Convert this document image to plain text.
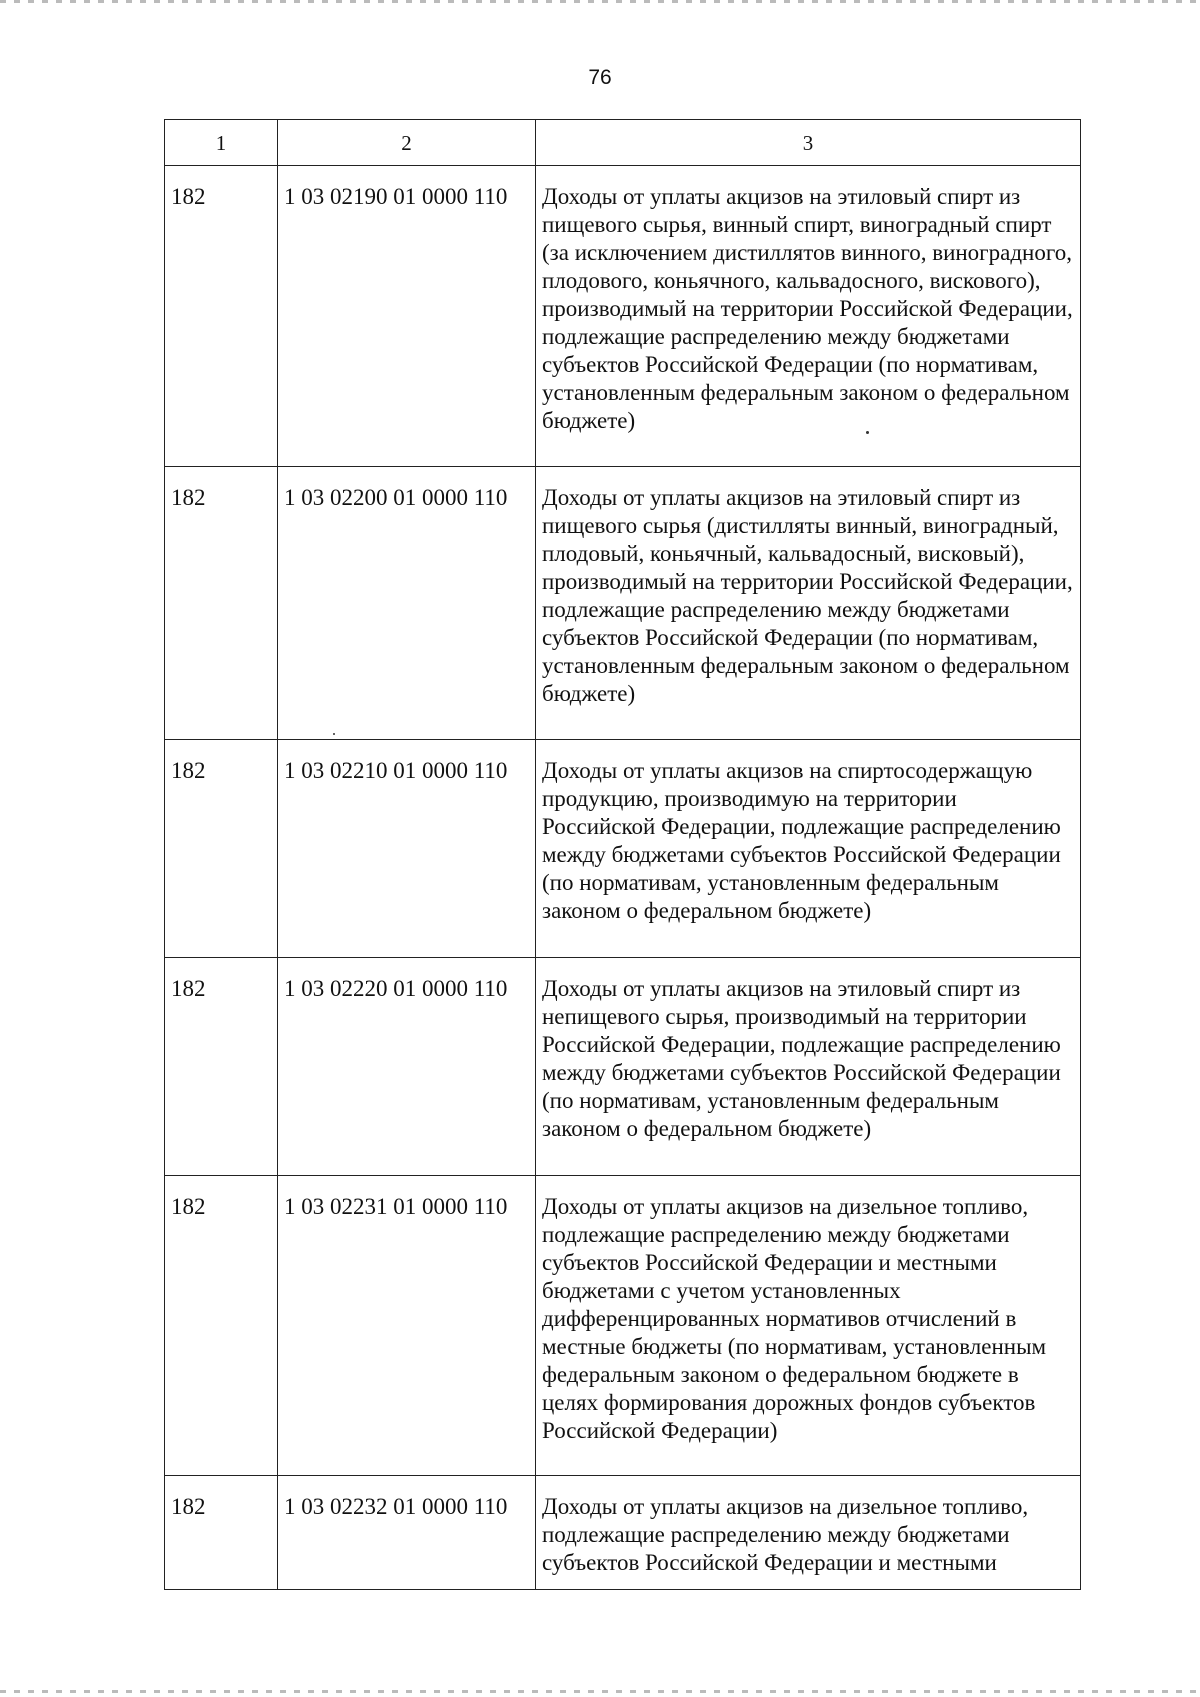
76
1	2	3
182	1 03 02190 01 0000 110	Доходы от уплаты акцизов на этиловый спирт из пищевого сырья, винный спирт, виноградный спирт (за исключением дистиллятов винного, виноградного, плодового, коньячного, кальвадосного, вискового), производимый на территории Российской Федерации, подлежащие распределению между бюджетами субъектов Российской Федерации (по нормативам, установленным федеральным законом о федеральном бюджете)
182	1 03 02200 01 0000 110	Доходы от уплаты акцизов на этиловый спирт из пищевого сырья (дистилляты винный, виноградный, плодовый, коньячный, кальвадосный, висковый), производимый на территории Российской Федерации, подлежащие распределению между бюджетами субъектов Российской Федерации (по нормативам, установленным федеральным законом о федеральном бюджете)
182	1 03 02210 01 0000 110	Доходы от уплаты акцизов на спиртосодержащую продукцию, производимую на территории Российской Федерации, подлежащие распределению между бюджетами субъектов Российской Федерации (по нормативам, установленным федеральным законом о федеральном бюджете)
182	1 03 02220 01 0000 110	Доходы от уплаты акцизов на этиловый спирт из непищевого сырья, производимый на территории Российской Федерации, подлежащие распределению между бюджетами субъектов Российской Федерации (по нормативам, установленным федеральным законом о федеральном бюджете)
182	1 03 02231 01 0000 110	Доходы от уплаты акцизов на дизельное топливо, подлежащие распределению между бюджетами субъектов Российской Федерации и местными бюджетами с учетом установленных дифференцированных нормативов отчислений в местные бюджеты (по нормативам, установленным федеральным законом о федеральном бюджете в целях формирования дорожных фондов субъектов Российской Федерации)
182	1 03 02232 01 0000 110	Доходы от уплаты акцизов на дизельное топливо, подлежащие распределению между бюджетами субъектов Российской Федерации и местными
